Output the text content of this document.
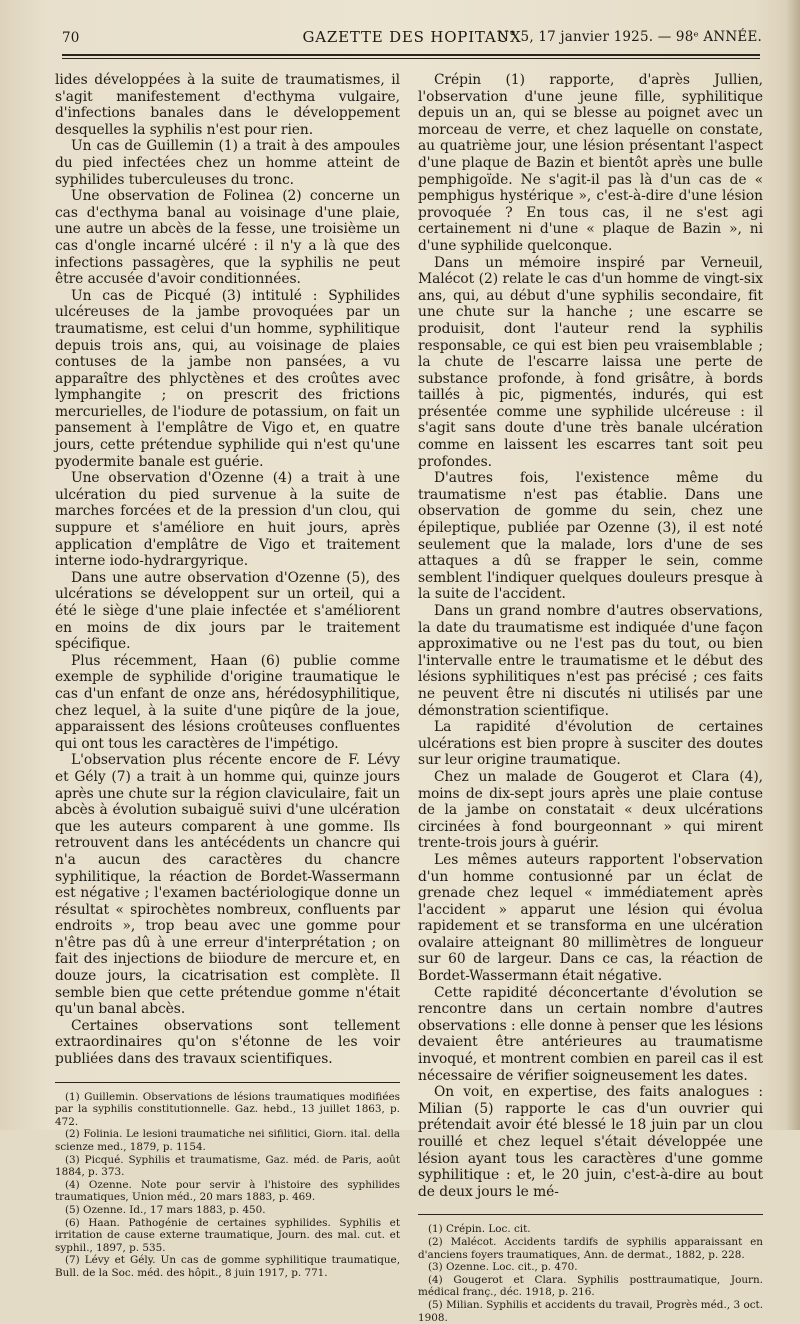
70	GAZETTE DES HOPITAUX
N° 5, 17 janvier 1925. — 98ᵉ ANNÉE.

lides développées à la suite de traumatismes, il s'agit manifestement d'ecthyma vulgaire, d'infections banales dans le développement desquelles la syphilis n'est pour rien.

Un cas de Guillemin (1) a trait à des ampoules du pied infectées chez un homme atteint de syphilides tuberculeuses du tronc.

Une observation de Folinea (2) concerne un cas d'ecthyma banal au voisinage d'une plaie, une autre un abcès de la fesse, une troisième un cas d'ongle incarné ulcéré : il n'y a là que des infections passagères, que la syphilis ne peut être accusée d'avoir conditionnées.

Un cas de Picqué (3) intitulé : Syphilides ulcéreuses de la jambe provoquées par un traumatisme, est celui d'un homme, syphilitique depuis trois ans, qui, au voisinage de plaies contuses de la jambe non pansées, a vu apparaître des phlyctènes et des croûtes avec lymphangite ; on prescrit des frictions mercurielles, de l'iodure de potassium, on fait un pansement à l'emplâtre de Vigo et, en quatre jours, cette prétendue syphilide qui n'est qu'une pyodermite banale est guérie.

Une observation d'Ozenne (4) a trait à une ulcération du pied survenue à la suite de marches forcées et de la pression d'un clou, qui suppure et s'améliore en huit jours, après application d'emplâtre de Vigo et traitement interne iodo-hydrargyrique.

Dans une autre observation d'Ozenne (5), des ulcérations se développent sur un orteil, qui a été le siège d'une plaie infectée et s'améliorent en moins de dix jours par le traitement spécifique.

Plus récemment, Haan (6) publie comme exemple de syphilide d'origine traumatique le cas d'un enfant de onze ans, hérédosyphilitique, chez lequel, à la suite d'une piqûre de la joue, apparaissent des lésions croûteuses confluentes qui ont tous les caractères de l'impétigo.

L'observation plus récente encore de F. Lévy et Gély (7) a trait à un homme qui, quinze jours après une chute sur la région claviculaire, fait un abcès à évolution subaiguë suivi d'une ulcération que les auteurs comparent à une gomme. Ils retrouvent dans les antécédents un chancre qui n'a aucun des caractères du chancre syphilitique, la réaction de Bordet-Wassermann est négative ; l'examen bactériologique donne un résultat « spirochètes nombreux, confluents par endroits », trop beau avec une gomme pour n'être pas dû à une erreur d'interprétation ; on fait des injections de biiodure de mercure et, en douze jours, la cicatrisation est complète. Il semble bien que cette prétendue gomme n'était qu'un banal abcès.

Certaines observations sont tellement extraordinaires qu'on s'étonne de les voir publiées dans des travaux scientifiques.

(1) Guillemin. Observations de lésions traumatiques modifiées par la syphilis constitutionnelle. Gaz. hebd., 13 juillet 1863, p. 472.

(2) Folinia. Le lesioni traumatiche nei sifilitici, Giorn. ital. della scienze med., 1879, p. 1154.

(3) Picqué. Syphilis et traumatisme, Gaz. méd. de Paris, août 1884, p. 373.

(4) Ozenne. Note pour servir à l'histoire des syphilides traumatiques, Union méd., 20 mars 1883, p. 469.

(5) Ozenne. Id., 17 mars 1883, p. 450.

(6) Haan. Pathogénie de certaines syphilides. Syphilis et irritation de cause externe traumatique, Journ. des mal. cut. et syphil., 1897, p. 535.

(7) Lévy et Gély. Un cas de gomme syphilitique traumatique, Bull. de la Soc. méd. des hôpit., 8 juin 1917, p. 771.

Crépin (1) rapporte, d'après Jullien, l'observation d'une jeune fille, syphilitique depuis un an, qui se blesse au poignet avec un morceau de verre, et chez laquelle on constate, au quatrième jour, une lésion présentant l'aspect d'une plaque de Bazin et bientôt après une bulle pemphigoïde. Ne s'agit-il pas là d'un cas de « pemphigus hystérique », c'est-à-dire d'une lésion provoquée ? En tous cas, il ne s'est agi certainement ni d'une « plaque de Bazin », ni d'une syphilide quelconque.

Dans un mémoire inspiré par Verneuil, Malécot (2) relate le cas d'un homme de vingt-six ans, qui, au début d'une syphilis secondaire, fit une chute sur la hanche ; une escarre se produisit, dont l'auteur rend la syphilis responsable, ce qui est bien peu vraisemblable ; la chute de l'escarre laissa une perte de substance profonde, à fond grisâtre, à bords taillés à pic, pigmentés, indurés, qui est présentée comme une syphilide ulcéreuse : il s'agit sans doute d'une très banale ulcération comme en laissent les escarres tant soit peu profondes.

D'autres fois, l'existence même du traumatisme n'est pas établie. Dans une observation de gomme du sein, chez une épileptique, publiée par Ozenne (3), il est noté seulement que la malade, lors d'une de ses attaques a dû se frapper le sein, comme semblent l'indiquer quelques douleurs presque à la suite de l'accident.

Dans un grand nombre d'autres observations, la date du traumatisme est indiquée d'une façon approximative ou ne l'est pas du tout, ou bien l'intervalle entre le traumatisme et le début des lésions syphilitiques n'est pas précisé ; ces faits ne peuvent être ni discutés ni utilisés par une démonstration scientifique.

La rapidité d'évolution de certaines ulcérations est bien propre à susciter des doutes sur leur origine traumatique.

Chez un malade de Gougerot et Clara (4), moins de dix-sept jours après une plaie contuse de la jambe on constatait « deux ulcérations circinées à fond bourgeonnant » qui mirent trente-trois jours à guérir.

Les mêmes auteurs rapportent l'observation d'un homme contusionné par un éclat de grenade chez lequel « immédiatement après l'accident » apparut une lésion qui évolua rapidement et se transforma en une ulcération ovalaire atteignant 80 millimètres de longueur sur 60 de largeur. Dans ce cas, la réaction de Bordet-Wassermann était négative.

Cette rapidité déconcertante d'évolution se rencontre dans un certain nombre d'autres observations : elle donne à penser que les lésions devaient être antérieures au traumatisme invoqué, et montrent combien en pareil cas il est nécessaire de vérifier soigneusement les dates.

On voit, en expertise, des faits analogues : Milian (5) rapporte le cas d'un ouvrier qui prétendait avoir été blessé le 18 juin par un clou rouillé et chez lequel s'était développée une lésion ayant tous les caractères d'une gomme syphilitique : et, le 20 juin, c'est-à-dire au bout de deux jours le mé-

(1) Crépin. Loc. cit.

(2) Malécot. Accidents tardifs de syphilis apparaissant en d'anciens foyers traumatiques, Ann. de dermat., 1882, p. 228.

(3) Ozenne. Loc. cit., p. 470.

(4) Gougerot et Clara. Syphilis posttraumatique, Journ. médical franç., déc. 1918, p. 216.

(5) Milian. Syphilis et accidents du travail, Progrès méd., 3 oct. 1908.
